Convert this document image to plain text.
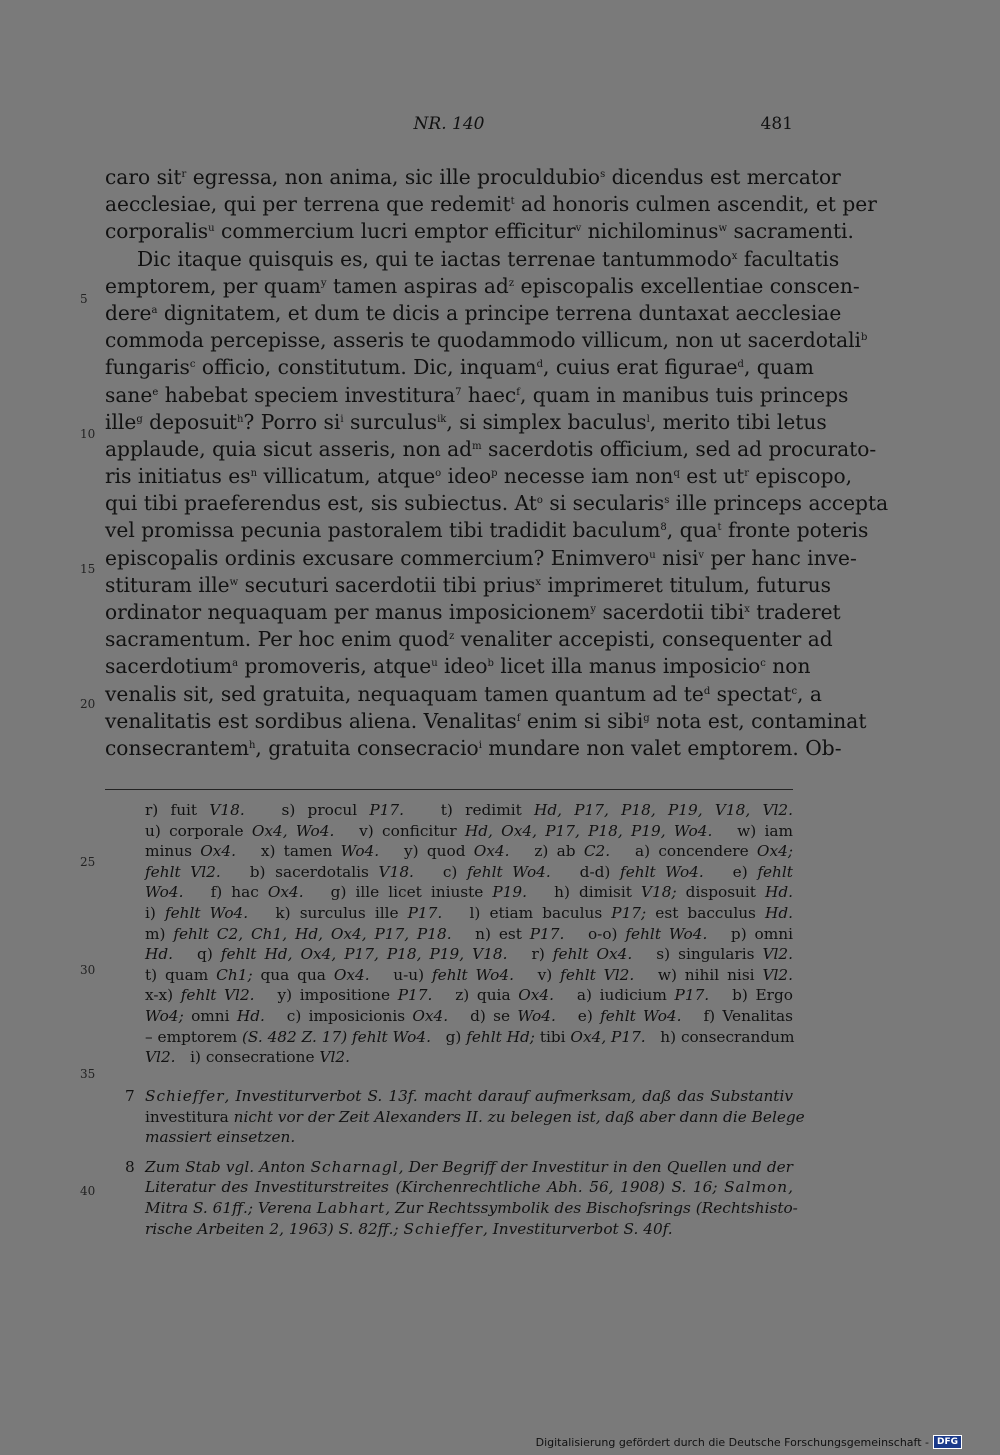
NR. 140	481
caro sit$^r$ egressa, non anima, sic ille proculdubio$^s$ dicendus est mercator
aecclesiae, qui per terrena que redemit$^t$ ad honoris culmen ascendit, et per
corporalis$^u$ commercium lucri emptor efficitur$^v$ nichilominus$^w$ sacramenti.
Dic itaque quisquis es, qui te iactas terrenae tantummodo$^x$ facultatis
emptorem, per quam$^y$ tamen aspiras $ad^z$ episcopalis excellentiae conscen-
dere$^a$ dignitatem, et dum te dicis a principe terrena duntaxat aecclesiae
commoda percepisse, asseris te quodammodo villicum, non ut sacerdotali$^b$
fungaris$^c$ officio, constitutum. Dic, inquam$^d$, cuius erat figurae$^d$, quam
sane$^e$ habebat speciem investitura$^7$ haec$^f$, quam in manibus tuis princeps
ille$^g$ deposuit$^h$? Porro $si^i$ surculus$^{ik}$, si simplex baculus$^l$, merito tibi letus
applaude, quia sicut asseris, non $ad^m$ sacerdotis officium, sed ad procurato-
ris initiatus $es^n$ villicatum, atque$^o$ ideo$^p$ necesse iam non$^q$ est $ut^r$ episcopo,
qui tibi praeferendus est, sis subiectus. At$^o$ si secularis$^s$ ille princeps accepta
vel promissa pecunia pastoralem tibi tradidit baculum$^8$, qua$^t$ fronte poteris
episcopalis ordinis excusare commercium? Enimvero$^u$ nisi$^v$ per hanc inve-
stituram ille$^w$ secuturi sacerdotii tibi prius$^x$ imprimeret titulum, futurus
ordinator nequaquam per manus imposicionem$^y$ sacerdotii tibi$^x$ traderet
sacramentum. Per hoc enim quod$^z$ venaliter accepisti, consequenter ad
sacerdotium$^a$ promoveris, atque$^u$ ideo$^b$ licet illa manus imposicio$^c$ non
venalis sit, sed gratuita, nequaquam tamen quantum ad $te^d$ spectat$^c$, a
venalitatis est sordibus aliena. Venalitas$^f$ enim si sibi$^g$ nota est, contaminat
consecrantem$^h$, gratuita consecracio$^i$ mundare non valet emptorem. Ob-
5
10
15
20
25
30
35
40
r) fuit V18.   s) procul P17.   t) redimit Hd, P17, P18, P19, V18, Vl2.
u) corporale Ox4, Wo4.   v) conficitur Hd, Ox4, P17, P18, P19, Wo4.   w) iam
minus Ox4.   x) tamen Wo4.   y) quod Ox4.   z) ab C2.   a) concendere Ox4;
fehlt Vl2.   b) sacerdotalis V18.   c) fehlt Wo4.   d-d) fehlt Wo4.   e) fehlt
Wo4.   f) hac Ox4.   g) ille licet iniuste P19.   h) dimisit V18; disposuit Hd.
i) fehlt Wo4.   k) surculus ille P17.   l) etiam baculus P17; est bacculus Hd.
m) fehlt C2, Ch1, Hd, Ox4, P17, P18.   n) est P17.   o-o) fehlt Wo4.   p) omni
Hd.   q) fehlt Hd, Ox4, P17, P18, P19, V18.   r) fehlt Ox4.   s) singularis Vl2.
t) quam Ch1; qua qua Ox4.   u-u) fehlt Wo4.   v) fehlt Vl2.   w) nihil nisi Vl2.
x-x) fehlt Vl2.   y) impositione P17.   z) quia Ox4.   a) iudicium P17.   b) Ergo
Wo4; omni Hd.   c) imposicionis Ox4.   d) se Wo4.   e) fehlt Wo4.   f) Venalitas
– emptorem (S. 482 Z. 17) fehlt Wo4.   g) fehlt Hd; tibi Ox4, P17.   h) consecrandum
Vl2.   i) consecratione Vl2.
7 Schieffer, Investiturverbot S. 13f. macht darauf aufmerksam, daß das Substantiv
investitura nicht vor der Zeit Alexanders II. zu belegen ist, daß aber dann die Belege
massiert einsetzen.
8 Zum Stab vgl. Anton Scharnagl, Der Begriff der Investitur in den Quellen und der
Literatur des Investiturstreites (Kirchenrechtliche Abh. 56, 1908) S. 16; Salmon,
Mitra S. 61ff.; Verena Labhart, Zur Rechtssymbolik des Bischofsrings (Rechtshisto-
rische Arbeiten 2, 1963) S. 82ff.; Schieffer, Investiturverbot S. 40f.
Digitalisierung gefördert durch die Deutsche Forschungsgemeinschaft - DFG
